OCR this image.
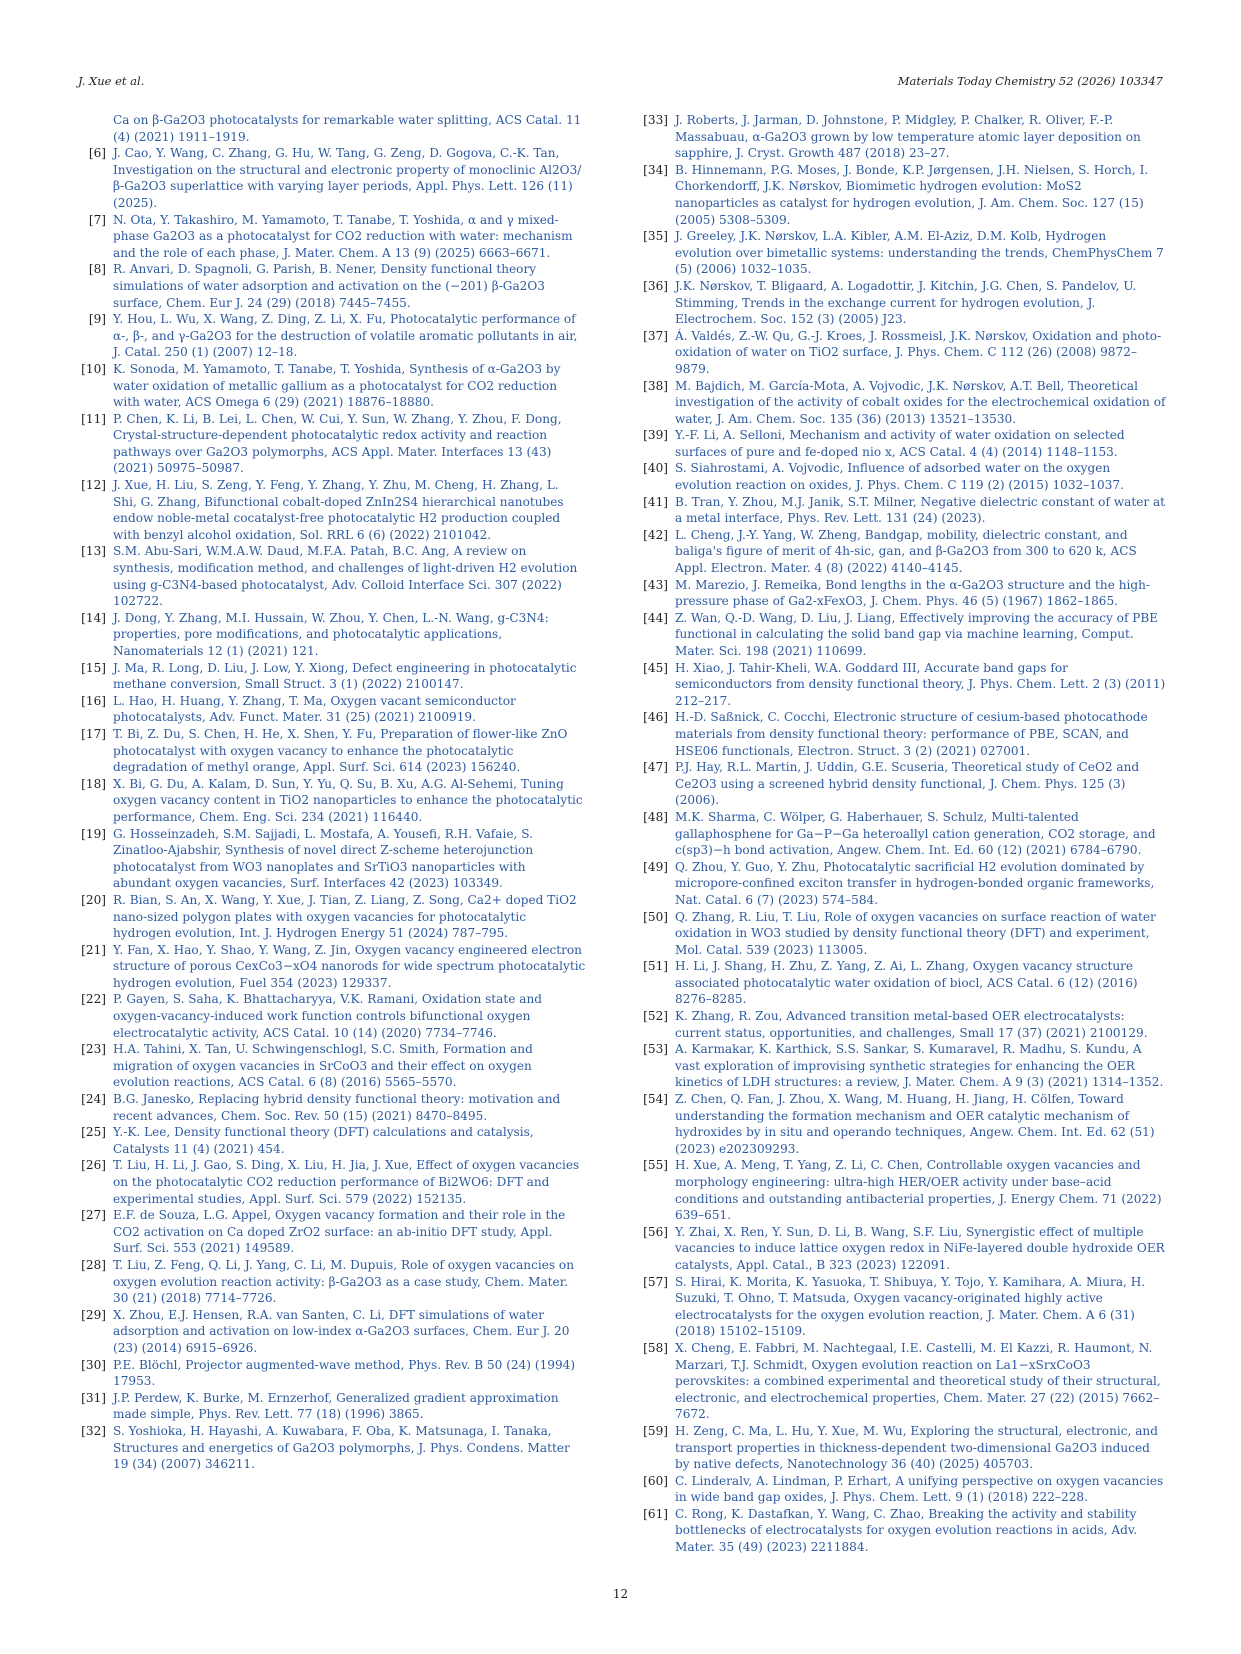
J. Xue et al.	Materials Today Chemistry 52 (2026) 103347
Ca on β-Ga2O3 photocatalysts for remarkable water splitting, ACS Catal. 11 (4) (2021) 1911–1919.
[6] J. Cao, Y. Wang, C. Zhang, G. Hu, W. Tang, G. Zeng, D. Gogova, C.-K. Tan, Investigation on the structural and electronic property of monoclinic Al2O3/β-Ga2O3 superlattice with varying layer periods, Appl. Phys. Lett. 126 (11) (2025).
[7] N. Ota, Y. Takashiro, M. Yamamoto, T. Tanabe, T. Yoshida, α and γ mixed-phase Ga2O3 as a photocatalyst for CO2 reduction with water: mechanism and the role of each phase, J. Mater. Chem. A 13 (9) (2025) 6663–6671.
[8] R. Anvari, D. Spagnoli, G. Parish, B. Nener, Density functional theory simulations of water adsorption and activation on the (−201) β-Ga2O3 surface, Chem. Eur J. 24 (29) (2018) 7445–7455.
[9] Y. Hou, L. Wu, X. Wang, Z. Ding, Z. Li, X. Fu, Photocatalytic performance of α-, β-, and γ-Ga2O3 for the destruction of volatile aromatic pollutants in air, J. Catal. 250 (1) (2007) 12–18.
[10] K. Sonoda, M. Yamamoto, T. Tanabe, T. Yoshida, Synthesis of α-Ga2O3 by water oxidation of metallic gallium as a photocatalyst for CO2 reduction with water, ACS Omega 6 (29) (2021) 18876–18880.
[11] P. Chen, K. Li, B. Lei, L. Chen, W. Cui, Y. Sun, W. Zhang, Y. Zhou, F. Dong, Crystal-structure-dependent photocatalytic redox activity and reaction pathways over Ga2O3 polymorphs, ACS Appl. Mater. Interfaces 13 (43) (2021) 50975–50987.
[12] J. Xue, H. Liu, S. Zeng, Y. Feng, Y. Zhang, Y. Zhu, M. Cheng, H. Zhang, L. Shi, G. Zhang, Bifunctional cobalt-doped ZnIn2S4 hierarchical nanotubes endow noble-metal cocatalyst-free photocatalytic H2 production coupled with benzyl alcohol oxidation, Sol. RRL 6 (6) (2022) 2101042.
[13] S.M. Abu-Sari, W.M.A.W. Daud, M.F.A. Patah, B.C. Ang, A review on synthesis, modification method, and challenges of light-driven H2 evolution using g-C3N4-based photocatalyst, Adv. Colloid Interface Sci. 307 (2022) 102722.
[14] J. Dong, Y. Zhang, M.I. Hussain, W. Zhou, Y. Chen, L.-N. Wang, g-C3N4: properties, pore modifications, and photocatalytic applications, Nanomaterials 12 (1) (2021) 121.
[15] J. Ma, R. Long, D. Liu, J. Low, Y. Xiong, Defect engineering in photocatalytic methane conversion, Small Struct. 3 (1) (2022) 2100147.
[16] L. Hao, H. Huang, Y. Zhang, T. Ma, Oxygen vacant semiconductor photocatalysts, Adv. Funct. Mater. 31 (25) (2021) 2100919.
[17] T. Bi, Z. Du, S. Chen, H. He, X. Shen, Y. Fu, Preparation of flower-like ZnO photocatalyst with oxygen vacancy to enhance the photocatalytic degradation of methyl orange, Appl. Surf. Sci. 614 (2023) 156240.
[18] X. Bi, G. Du, A. Kalam, D. Sun, Y. Yu, Q. Su, B. Xu, A.G. Al-Sehemi, Tuning oxygen vacancy content in TiO2 nanoparticles to enhance the photocatalytic performance, Chem. Eng. Sci. 234 (2021) 116440.
[19] G. Hosseinzadeh, S.M. Sajjadi, L. Mostafa, A. Yousefi, R.H. Vafaie, S. Zinatloo-Ajabshir, Synthesis of novel direct Z-scheme heterojunction photocatalyst from WO3 nanoplates and SrTiO3 nanoparticles with abundant oxygen vacancies, Surf. Interfaces 42 (2023) 103349.
[20] R. Bian, S. An, X. Wang, Y. Xue, J. Tian, Z. Liang, Z. Song, Ca2+ doped TiO2 nano-sized polygon plates with oxygen vacancies for photocatalytic hydrogen evolution, Int. J. Hydrogen Energy 51 (2024) 787–795.
[21] Y. Fan, X. Hao, Y. Shao, Y. Wang, Z. Jin, Oxygen vacancy engineered electron structure of porous CexCo3−xO4 nanorods for wide spectrum photocatalytic hydrogen evolution, Fuel 354 (2023) 129337.
[22] P. Gayen, S. Saha, K. Bhattacharyya, V.K. Ramani, Oxidation state and oxygen-vacancy-induced work function controls bifunctional oxygen electrocatalytic activity, ACS Catal. 10 (14) (2020) 7734–7746.
[23] H.A. Tahini, X. Tan, U. Schwingenschlogl, S.C. Smith, Formation and migration of oxygen vacancies in SrCoO3 and their effect on oxygen evolution reactions, ACS Catal. 6 (8) (2016) 5565–5570.
[24] B.G. Janesko, Replacing hybrid density functional theory: motivation and recent advances, Chem. Soc. Rev. 50 (15) (2021) 8470–8495.
[25] Y.-K. Lee, Density functional theory (DFT) calculations and catalysis, Catalysts 11 (4) (2021) 454.
[26] T. Liu, H. Li, J. Gao, S. Ding, X. Liu, H. Jia, J. Xue, Effect of oxygen vacancies on the photocatalytic CO2 reduction performance of Bi2WO6: DFT and experimental studies, Appl. Surf. Sci. 579 (2022) 152135.
[27] E.F. de Souza, L.G. Appel, Oxygen vacancy formation and their role in the CO2 activation on Ca doped ZrO2 surface: an ab-initio DFT study, Appl. Surf. Sci. 553 (2021) 149589.
[28] T. Liu, Z. Feng, Q. Li, J. Yang, C. Li, M. Dupuis, Role of oxygen vacancies on oxygen evolution reaction activity: β-Ga2O3 as a case study, Chem. Mater. 30 (21) (2018) 7714–7726.
[29] X. Zhou, E.J. Hensen, R.A. van Santen, C. Li, DFT simulations of water adsorption and activation on low-index α-Ga2O3 surfaces, Chem. Eur J. 20 (23) (2014) 6915–6926.
[30] P.E. Blöchl, Projector augmented-wave method, Phys. Rev. B 50 (24) (1994) 17953.
[31] J.P. Perdew, K. Burke, M. Ernzerhof, Generalized gradient approximation made simple, Phys. Rev. Lett. 77 (18) (1996) 3865.
[32] S. Yoshioka, H. Hayashi, A. Kuwabara, F. Oba, K. Matsunaga, I. Tanaka, Structures and energetics of Ga2O3 polymorphs, J. Phys. Condens. Matter 19 (34) (2007) 346211.
[33] J. Roberts, J. Jarman, D. Johnstone, P. Midgley, P. Chalker, R. Oliver, F.-P. Massabuau, α-Ga2O3 grown by low temperature atomic layer deposition on sapphire, J. Cryst. Growth 487 (2018) 23–27.
[34] B. Hinnemann, P.G. Moses, J. Bonde, K.P. Jørgensen, J.H. Nielsen, S. Horch, I. Chorkendorff, J.K. Nørskov, Biomimetic hydrogen evolution: MoS2 nanoparticles as catalyst for hydrogen evolution, J. Am. Chem. Soc. 127 (15) (2005) 5308–5309.
[35] J. Greeley, J.K. Nørskov, L.A. Kibler, A.M. El-Aziz, D.M. Kolb, Hydrogen evolution over bimetallic systems: understanding the trends, ChemPhysChem 7 (5) (2006) 1032–1035.
[36] J.K. Nørskov, T. Bligaard, A. Logadottir, J. Kitchin, J.G. Chen, S. Pandelov, U. Stimming, Trends in the exchange current for hydrogen evolution, J. Electrochem. Soc. 152 (3) (2005) J23.
[37] Á. Valdés, Z.-W. Qu, G.-J. Kroes, J. Rossmeisl, J.K. Nørskov, Oxidation and photo-oxidation of water on TiO2 surface, J. Phys. Chem. C 112 (26) (2008) 9872–9879.
[38] M. Bajdich, M. García-Mota, A. Vojvodic, J.K. Nørskov, A.T. Bell, Theoretical investigation of the activity of cobalt oxides for the electrochemical oxidation of water, J. Am. Chem. Soc. 135 (36) (2013) 13521–13530.
[39] Y.-F. Li, A. Selloni, Mechanism and activity of water oxidation on selected surfaces of pure and fe-doped nio x, ACS Catal. 4 (4) (2014) 1148–1153.
[40] S. Siahrostami, A. Vojvodic, Influence of adsorbed water on the oxygen evolution reaction on oxides, J. Phys. Chem. C 119 (2) (2015) 1032–1037.
[41] B. Tran, Y. Zhou, M.J. Janik, S.T. Milner, Negative dielectric constant of water at a metal interface, Phys. Rev. Lett. 131 (24) (2023).
[42] L. Cheng, J.-Y. Yang, W. Zheng, Bandgap, mobility, dielectric constant, and baliga's figure of merit of 4h-sic, gan, and β-Ga2O3 from 300 to 620 k, ACS Appl. Electron. Mater. 4 (8) (2022) 4140–4145.
[43] M. Marezio, J. Remeika, Bond lengths in the α-Ga2O3 structure and the high-pressure phase of Ga2-xFexO3, J. Chem. Phys. 46 (5) (1967) 1862–1865.
[44] Z. Wan, Q.-D. Wang, D. Liu, J. Liang, Effectively improving the accuracy of PBE functional in calculating the solid band gap via machine learning, Comput. Mater. Sci. 198 (2021) 110699.
[45] H. Xiao, J. Tahir-Kheli, W.A. Goddard III, Accurate band gaps for semiconductors from density functional theory, J. Phys. Chem. Lett. 2 (3) (2011) 212–217.
[46] H.-D. Saßnick, C. Cocchi, Electronic structure of cesium-based photocathode materials from density functional theory: performance of PBE, SCAN, and HSE06 functionals, Electron. Struct. 3 (2) (2021) 027001.
[47] P.J. Hay, R.L. Martin, J. Uddin, G.E. Scuseria, Theoretical study of CeO2 and Ce2O3 using a screened hybrid density functional, J. Chem. Phys. 125 (3) (2006).
[48] M.K. Sharma, C. Wölper, G. Haberhauer, S. Schulz, Multi-talented gallaphosphene for Ga−P−Ga heteroallyl cation generation, CO2 storage, and c(sp3)−h bond activation, Angew. Chem. Int. Ed. 60 (12) (2021) 6784–6790.
[49] Q. Zhou, Y. Guo, Y. Zhu, Photocatalytic sacrificial H2 evolution dominated by micropore-confined exciton transfer in hydrogen-bonded organic frameworks, Nat. Catal. 6 (7) (2023) 574–584.
[50] Q. Zhang, R. Liu, T. Liu, Role of oxygen vacancies on surface reaction of water oxidation in WO3 studied by density functional theory (DFT) and experiment, Mol. Catal. 539 (2023) 113005.
[51] H. Li, J. Shang, H. Zhu, Z. Yang, Z. Ai, L. Zhang, Oxygen vacancy structure associated photocatalytic water oxidation of biocl, ACS Catal. 6 (12) (2016) 8276–8285.
[52] K. Zhang, R. Zou, Advanced transition metal-based OER electrocatalysts: current status, opportunities, and challenges, Small 17 (37) (2021) 2100129.
[53] A. Karmakar, K. Karthick, S.S. Sankar, S. Kumaravel, R. Madhu, S. Kundu, A vast exploration of improvising synthetic strategies for enhancing the OER kinetics of LDH structures: a review, J. Mater. Chem. A 9 (3) (2021) 1314–1352.
[54] Z. Chen, Q. Fan, J. Zhou, X. Wang, M. Huang, H. Jiang, H. Cölfen, Toward understanding the formation mechanism and OER catalytic mechanism of hydroxides by in situ and operando techniques, Angew. Chem. Int. Ed. 62 (51) (2023) e202309293.
[55] H. Xue, A. Meng, T. Yang, Z. Li, C. Chen, Controllable oxygen vacancies and morphology engineering: ultra-high HER/OER activity under base–acid conditions and outstanding antibacterial properties, J. Energy Chem. 71 (2022) 639–651.
[56] Y. Zhai, X. Ren, Y. Sun, D. Li, B. Wang, S.F. Liu, Synergistic effect of multiple vacancies to induce lattice oxygen redox in NiFe-layered double hydroxide OER catalysts, Appl. Catal., B 323 (2023) 122091.
[57] S. Hirai, K. Morita, K. Yasuoka, T. Shibuya, Y. Tojo, Y. Kamihara, A. Miura, H. Suzuki, T. Ohno, T. Matsuda, Oxygen vacancy-originated highly active electrocatalysts for the oxygen evolution reaction, J. Mater. Chem. A 6 (31) (2018) 15102–15109.
[58] X. Cheng, E. Fabbri, M. Nachtegaal, I.E. Castelli, M. El Kazzi, R. Haumont, N. Marzari, T.J. Schmidt, Oxygen evolution reaction on La1−xSrxCoO3 perovskites: a combined experimental and theoretical study of their structural, electronic, and electrochemical properties, Chem. Mater. 27 (22) (2015) 7662–7672.
[59] H. Zeng, C. Ma, L. Hu, Y. Xue, M. Wu, Exploring the structural, electronic, and transport properties in thickness-dependent two-dimensional Ga2O3 induced by native defects, Nanotechnology 36 (40) (2025) 405703.
[60] C. Linderalv, A. Lindman, P. Erhart, A unifying perspective on oxygen vacancies in wide band gap oxides, J. Phys. Chem. Lett. 9 (1) (2018) 222–228.
[61] C. Rong, K. Dastafkan, Y. Wang, C. Zhao, Breaking the activity and stability bottlenecks of electrocatalysts for oxygen evolution reactions in acids, Adv. Mater. 35 (49) (2023) 2211884.
12
